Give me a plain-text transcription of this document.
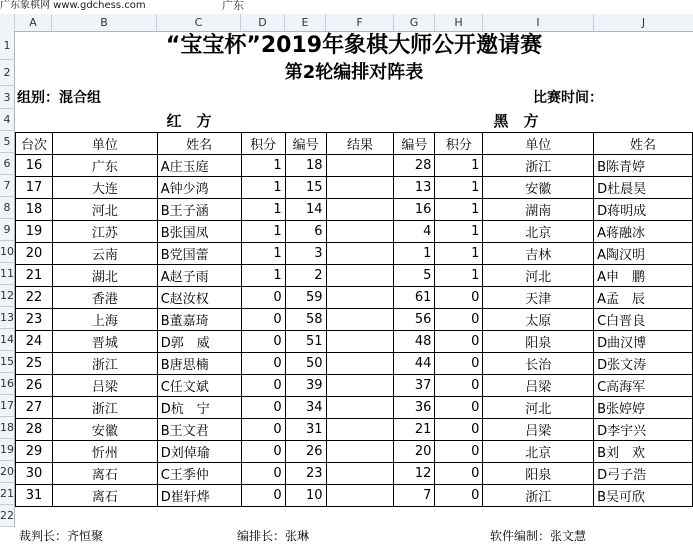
广东象棋网 www.gdchess.com	广东
A	B	C	D	E	F	G	H	I	J
1
2
3
4
5
6
7
8
9
10
11
12
13
14
15
16
17
18
19
20
21
22
“宝宝杯”2019年象棋大师公开邀请赛
第2轮编排对阵表
组别：混合组	比赛时间：
红　方	黑　方
台次	单位	姓名	积分	编号	结果	编号	积分	单位	姓名
16	广东	A庄玉庭	1	18		28	1	浙江	B陈青婷
17	大连	A钟少鸿	1	15		13	1	安徽	D杜晨昊
18	河北	B王子涵	1	14		16	1	湖南	D蒋明成
19	江苏	B张国凤	1	6		4	1	北京	A蒋融冰
20	云南	B党国蕾	1	3		1	1	吉林	A陶汉明
21	湖北	A赵子雨	1	2		5	1	河北	A申　鹏
22	香港	C赵汝权	0	59		61	0	天津	A孟　辰
23	上海	B董嘉琦	0	58		56	0	太原	C白晋良
24	晋城	D郭　威	0	51		48	0	阳泉	D曲汉博
25	浙江	B唐思楠	0	50		44	0	长治	D张文涛
26	吕梁	C任文斌	0	39		37	0	吕梁	C高海军
27	浙江	D杭　宁	0	34		36	0	河北	B张婷婷
28	安徽	B王文君	0	31		21	0	吕梁	D李宇兴
29	忻州	D刘倬瑜	0	26		20	0	北京	B刘　欢
30	离石	C王季仲	0	23		12	0	阳泉	D弓子浩
31	离石	D崔轩烨	0	10		7	0	浙江	B吴可欣
裁判长：齐恒聚	编排长：张琳	软件编制：张文慧
